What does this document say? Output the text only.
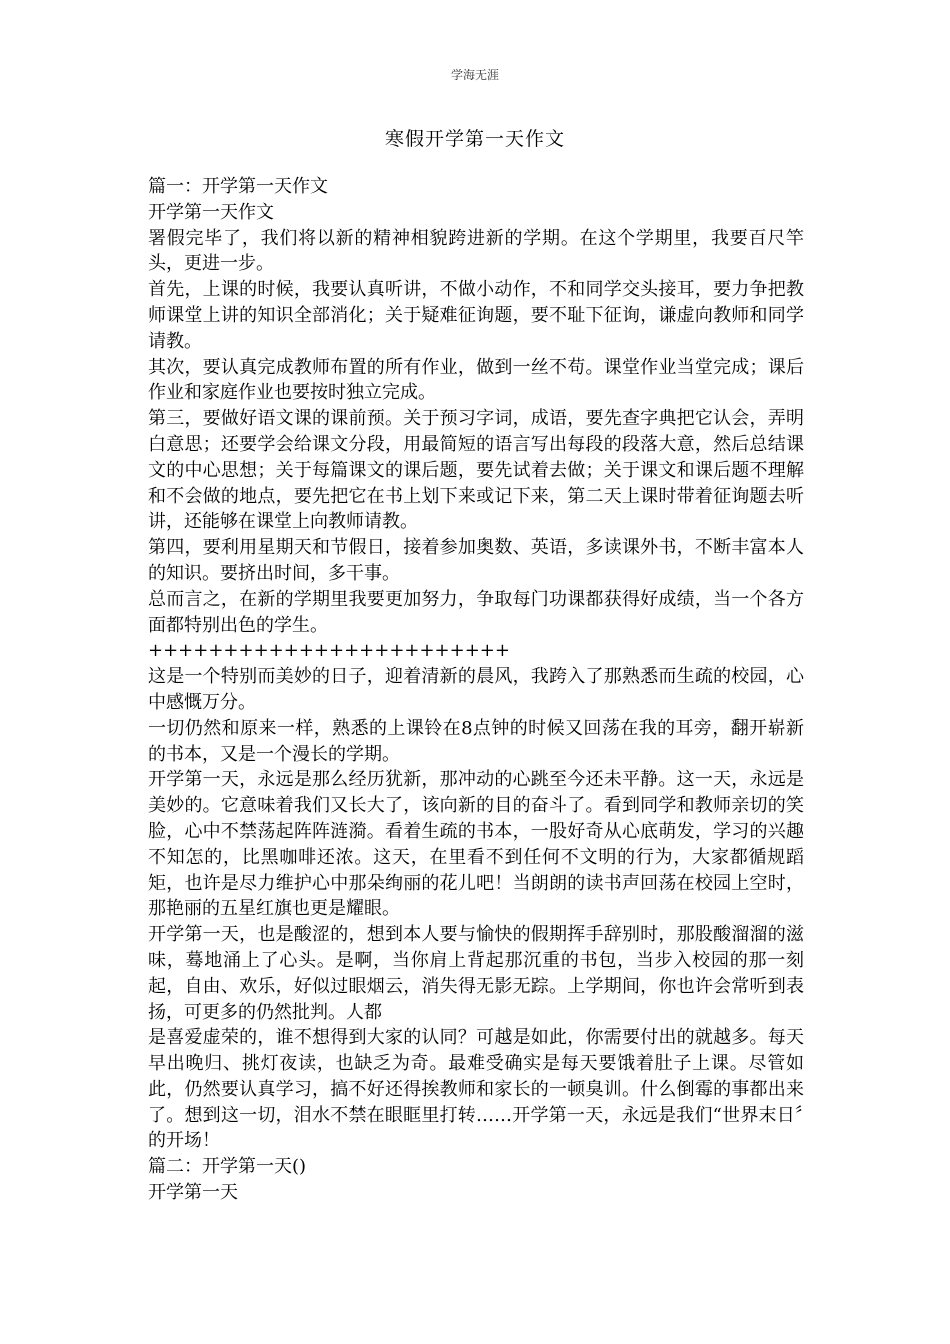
学海无涯
寒假开学第一天作文

篇一：开学第一天作文

开学第一天作文

署假完毕了，我们将以新的精神相貌跨进新的学期。在这个学期里，我要百尺竿头，更进一步。

首先，上课的时候，我要认真听讲，不做小动作，不和同学交头接耳，要力争把教师课堂上讲的知识全部消化；关于疑难征询题，要不耻下征询，谦虚向教师和同学请教。

其次，要认真完成教师布置的所有作业，做到一丝不苟。课堂作业当堂完成；课后作业和家庭作业也要按时独立完成。

第三，要做好语文课的课前预。关于预习字词，成语，要先查字典把它认会，弄明白意思；还要学会给课文分段，用最简短的语言写出每段的段落大意，然后总结课文的中心思想；关于每篇课文的课后题，要先试着去做；关于课文和课后题不理解和不会做的地点，要先把它在书上划下来或记下来，第二天上课时带着征询题去听讲，还能够在课堂上向教师请教。

第四，要利用星期天和节假日，接着参加奥数、英语，多读课外书，不断丰富本人的知识。要挤出时间，多干事。

总而言之，在新的学期里我要更加努力，争取每门功课都获得好成绩，当一个各方面都特别出色的学生。

++++++++++++++++++++++++

这是一个特别而美妙的日子，迎着清新的晨风，我跨入了那熟悉而生疏的校园，心中感慨万分。

一切仍然和原来一样，熟悉的上课铃在8点钟的时候又回荡在我的耳旁，翻开崭新的书本，又是一个漫长的学期。

开学第一天，永远是那么经历犹新，那冲动的心跳至今还未平静。这一天，永远是美妙的。它意味着我们又长大了，该向新的目的奋斗了。看到同学和教师亲切的笑脸，心中不禁荡起阵阵涟漪。看着生疏的书本，一股好奇从心底萌发，学习的兴趣不知怎的，比黑咖啡还浓。这天，在里看不到任何不文明的行为，大家都循规蹈矩，也许是尽力维护心中那朵绚丽的花儿吧！当朗朗的读书声回荡在校园上空时，那艳丽的五星红旗也更是耀眼。

开学第一天，也是酸涩的，想到本人要与愉快的假期挥手辞别时，那股酸溜溜的滋味，蓦地涌上了心头。是啊，当你肩上背起那沉重的书包，当步入校园的那一刻起，自由、欢乐，好似过眼烟云，消失得无影无踪。上学期间，你也许会常听到表扬，可更多的仍然批判。人都

是喜爱虚荣的，谁不想得到大家的认同？可越是如此，你需要付出的就越多。每天早出晚归、挑灯夜读，也缺乏为奇。最难受确实是每天要饿着肚子上课。尽管如此，仍然要认真学习，搞不好还得挨教师和家长的一顿臭训。什么倒霉的事都出来了。想到这一切，泪水不禁在眼眶里打转……开学第一天，永远是我们“世界末日〞的开场！

篇二：开学第一天()

开学第一天
